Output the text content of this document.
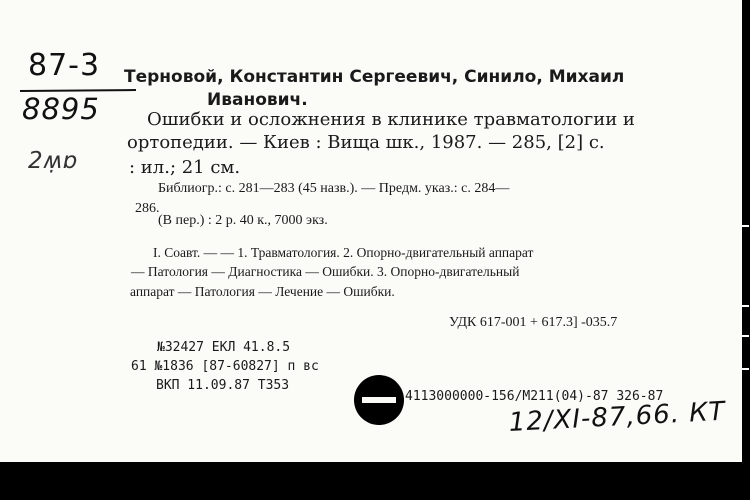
87-3
8895
2ʍ̣ɒ
Терновой, Константин Сергеевич, Синило, Михаил
Иванович.
Ошибки и осложнения в клинике травматологии и
ортопедии. — Киев : Вища шк., 1987. — 285, [2] с.
: ил.; 21 см.
Библиогр.: с. 281—283 (45 назв.). — Предм. указ.: с. 284—
286.
(В пер.) : 2 р. 40 к., 7000 экз.
I. Соавт. — — 1. Травматология. 2. Опорно-двигательный аппарат
— Патология — Диагностика — Ошибки. 3. Опорно-двигательный
аппарат — Патология — Лечение — Ошибки.
УДК 617-001 + 617.3] -035.7
№32427 ЕКЛ 41.8.5
61 №1836 [87-60827] п вс
ВКП 11.09.87 Т353
4113000000-156/М211(04)-87 326-87
12/XI-87,66. КТ
